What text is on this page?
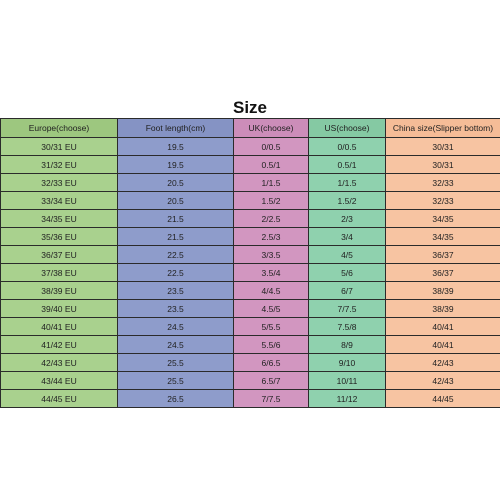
Size
Europe(choose)	Foot length(cm)	UK(choose)	US(choose)	China size(Slipper bottom)
30/31 EU	19.5	0/0.5	0/0.5	30/31
31/32 EU	19.5	0.5/1	0.5/1	30/31
32/33 EU	20.5	1/1.5	1/1.5	32/33
33/34 EU	20.5	1.5/2	1.5/2	32/33
34/35 EU	21.5	2/2.5	2/3	34/35
35/36 EU	21.5	2.5/3	3/4	34/35
36/37 EU	22.5	3/3.5	4/5	36/37
37/38 EU	22.5	3.5/4	5/6	36/37
38/39 EU	23.5	4/4.5	6/7	38/39
39/40 EU	23.5	4.5/5	7/7.5	38/39
40/41 EU	24.5	5/5.5	7.5/8	40/41
41/42 EU	24.5	5.5/6	8/9	40/41
42/43 EU	25.5	6/6.5	9/10	42/43
43/44 EU	25.5	6.5/7	10/11	42/43
44/45 EU	26.5	7/7.5	11/12	44/45
